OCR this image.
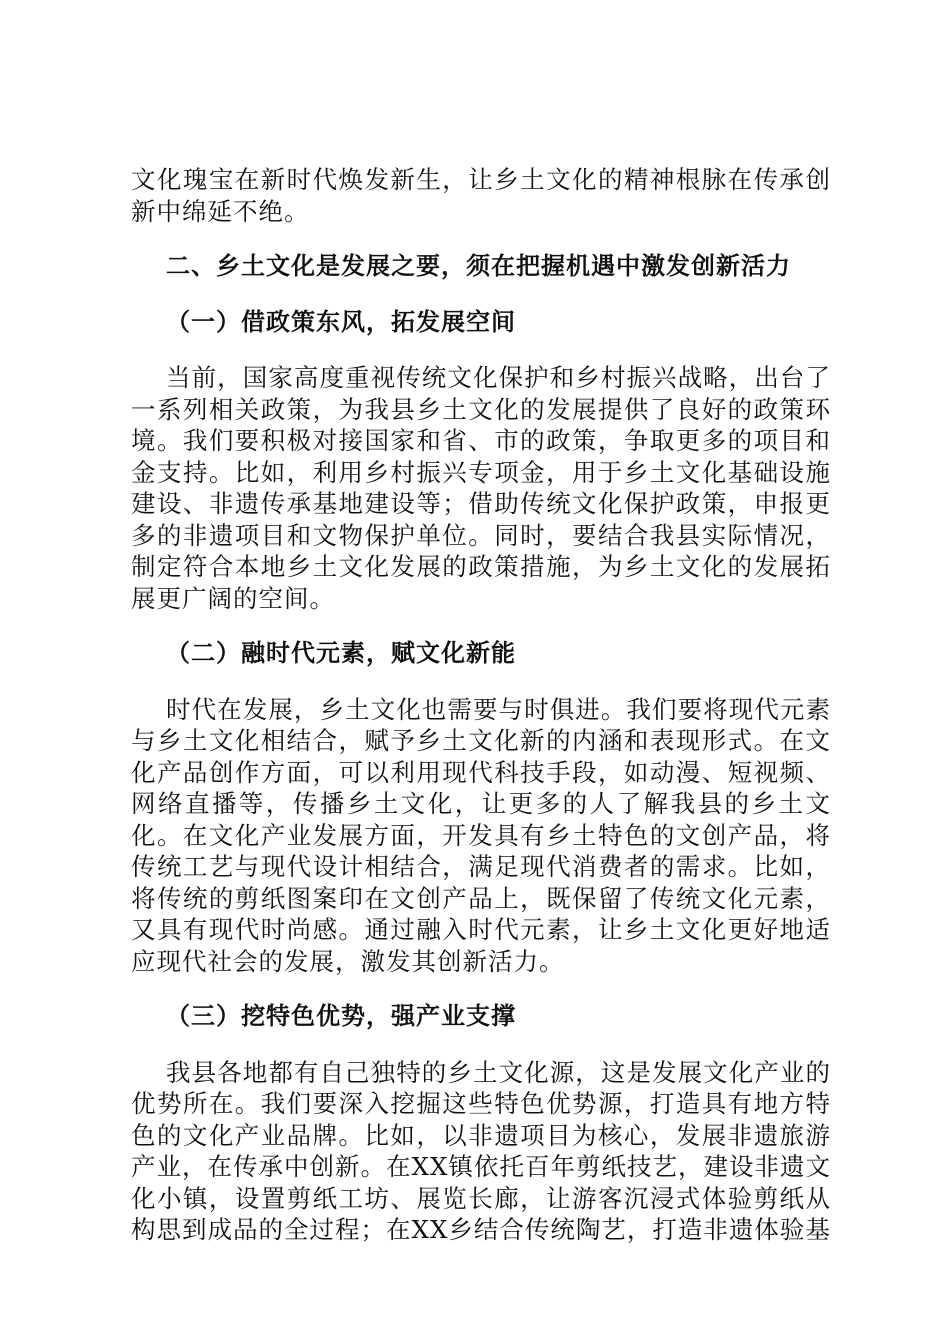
文化瑰宝在新时代焕发新生，让乡土文化的精神根脉在传承创新中绵延不绝。

二、乡土文化是发展之要，须在把握机遇中激发创新活力

（一）借政策东风，拓发展空间

当前，国家高度重视传统文化保护和乡村振兴战略，出台了一系列相关政策，为我县乡土文化的发展提供了良好的政策环境。我们要积极对接国家和省、市的政策，争取更多的项目和金支持。比如，利用乡村振兴专项金，用于乡土文化基础设施建设、非遗传承基地建设等；借助传统文化保护政策，申报更多的非遗项目和文物保护单位。同时，要结合我县实际情况，制定符合本地乡土文化发展的政策措施，为乡土文化的发展拓展更广阔的空间。

（二）融时代元素，赋文化新能

时代在发展，乡土文化也需要与时俱进。我们要将现代元素与乡土文化相结合，赋予乡土文化新的内涵和表现形式。在文化产品创作方面，可以利用现代科技手段，如动漫、短视频、网络直播等，传播乡土文化，让更多的人了解我县的乡土文化。在文化产业发展方面，开发具有乡土特色的文创产品，将传统工艺与现代设计相结合，满足现代消费者的需求。比如，将传统的剪纸图案印在文创产品上，既保留了传统文化元素，又具有现代时尚感。通过融入时代元素，让乡土文化更好地适应现代社会的发展，激发其创新活力。

（三）挖特色优势，强产业支撑

我县各地都有自己独特的乡土文化源，这是发展文化产业的优势所在。我们要深入挖掘这些特色优势源，打造具有地方特色的文化产业品牌。比如，以非遗项目为核心，发展非遗旅游产业，在传承中创新。在XX镇依托百年剪纸技艺，建设非遗文化小镇，设置剪纸工坊、展览长廊，让游客沉浸式体验剪纸从构思到成品的全过程；在XX乡结合传统陶艺，打造非遗体验基
